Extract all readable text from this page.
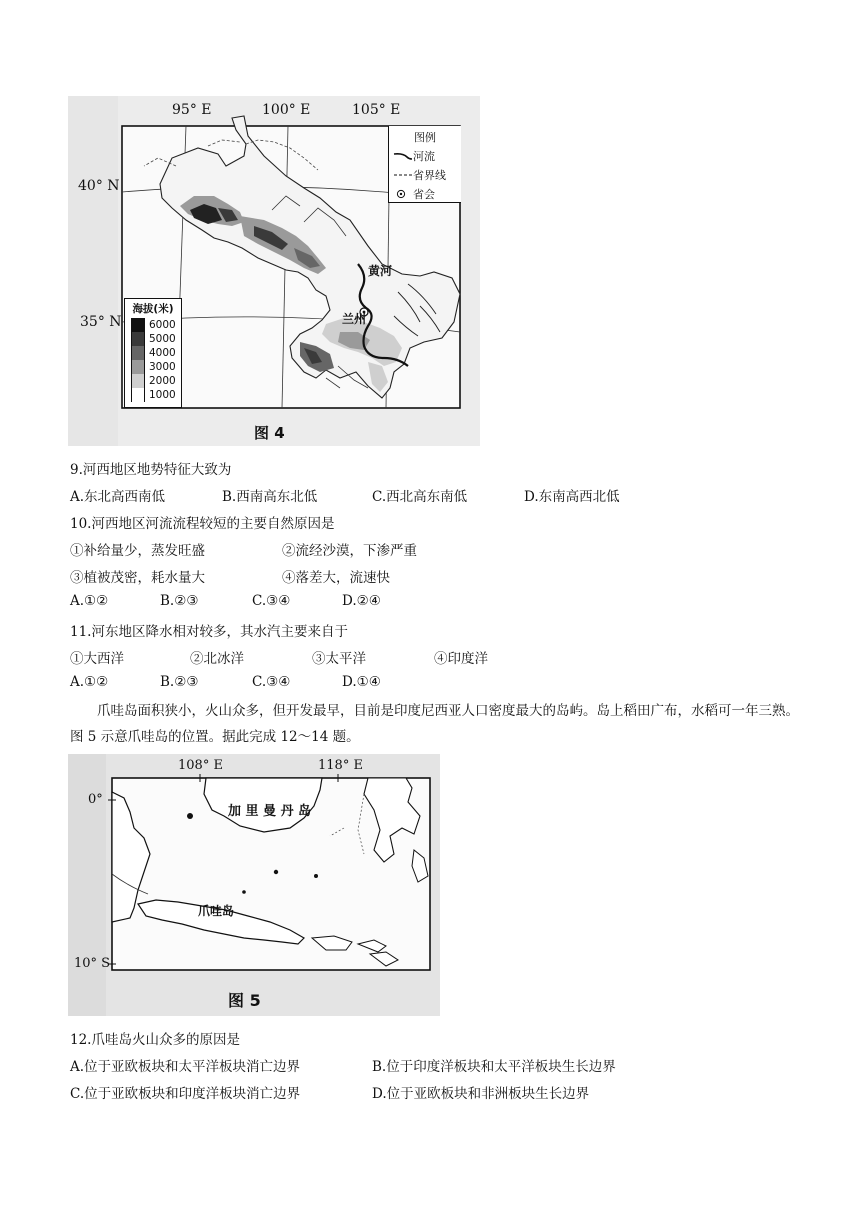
95° E	100° E	105° E
40° N
35° N
黄河
兰州
图例
河流
省界线
省会
海拔(米)
6000
5000
4000
3000
2000
1000
图 4
9.河西地区地势特征大致为
A.东北高西南低	B.西南高东北低	C.西北高东南低	D.东南高西北低
10.河西地区河流流程较短的主要自然原因是
①补给量少，蒸发旺盛	②流经沙漠，下渗严重
③植被茂密，耗水量大	④落差大，流速快
A.①②	B.②③	C.③④	D.②④
11.河东地区降水相对较多，其水汽主要来自于
①大西洋	②北冰洋	③太平洋	④印度洋
A.①②	B.②③	C.③④	D.①④
爪哇岛面积狭小，火山众多，但开发最早，目前是印度尼西亚人口密度最大的岛屿。岛上稻田广布，水稻可一年三熟。图 5 示意爪哇岛的位置。据此完成 12～14 题。
108° E	118° E
0°
10° S
加 里 曼 丹 岛
爪哇岛
图 5
12.爪哇岛火山众多的原因是
A.位于亚欧板块和太平洋板块消亡边界	B.位于印度洋板块和太平洋板块生长边界
C.位于亚欧板块和印度洋板块消亡边界	D.位于亚欧板块和非洲板块生长边界
